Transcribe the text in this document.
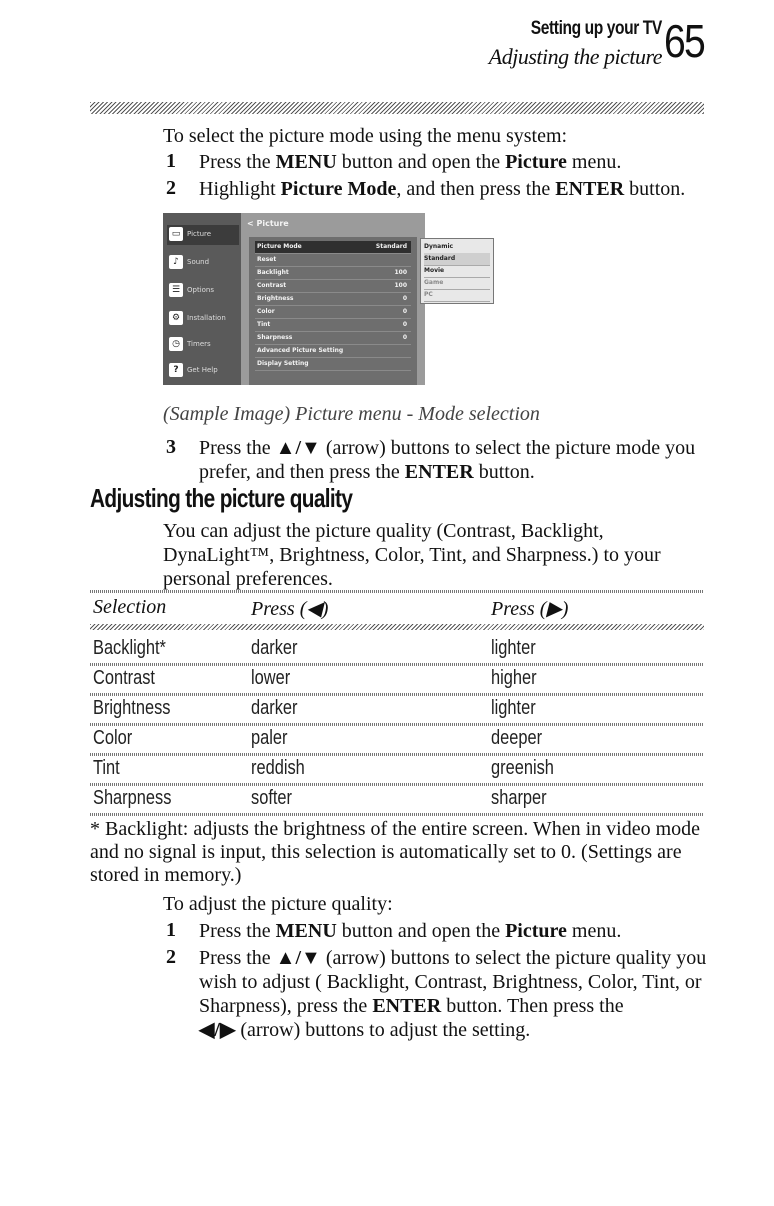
Setting up your TV
Adjusting the picture 65
To select the picture mode using the menu system:
1 Press the MENU button and open the Picture menu.
2 Highlight Picture Mode, and then press the ENTER button.
▭ Picture
♪	Sound
☰ Options
⚙ Installation
◷	Timers
?	Get Help
< Picture
Picture Mode	Standard
Reset
Backlight	100
Contrast	100
Brightness	0
Color	0
Tint	0
Sharpness	0
Advanced Picture Setting
Display Setting
Dynamic
Standard
Movie
Game
PC
(Sample Image) Picture menu - Mode selection
3 Press the ▲/▼ (arrow) buttons to select the picture mode you
prefer, and then press the ENTER button.
Adjusting the picture quality
You can adjust the picture quality (Contrast, Backlight,
DynaLight™, Brightness, Color, Tint, and Sharpness.) to your
personal preferences.
Selection	Press (◀)	Press (▶)
Backlight*	darker	lighter
Contrast	lower	higher
Brightness	darker	lighter
Color	paler	deeper
Tint	reddish	greenish
Sharpness	softer	sharper
* Backlight: adjusts the brightness of the entire screen. When in video mode
and no signal is input, this selection is automatically set to 0. (Settings are
stored in memory.)
To adjust the picture quality:
1 Press the MENU button and open the Picture menu.
2 Press the ▲/▼ (arrow) buttons to select the picture quality you
wish to adjust ( Backlight, Contrast, Brightness, Color, Tint, or
Sharpness), press the ENTER button. Then press the
◀/▶ (arrow) buttons to adjust the setting.
